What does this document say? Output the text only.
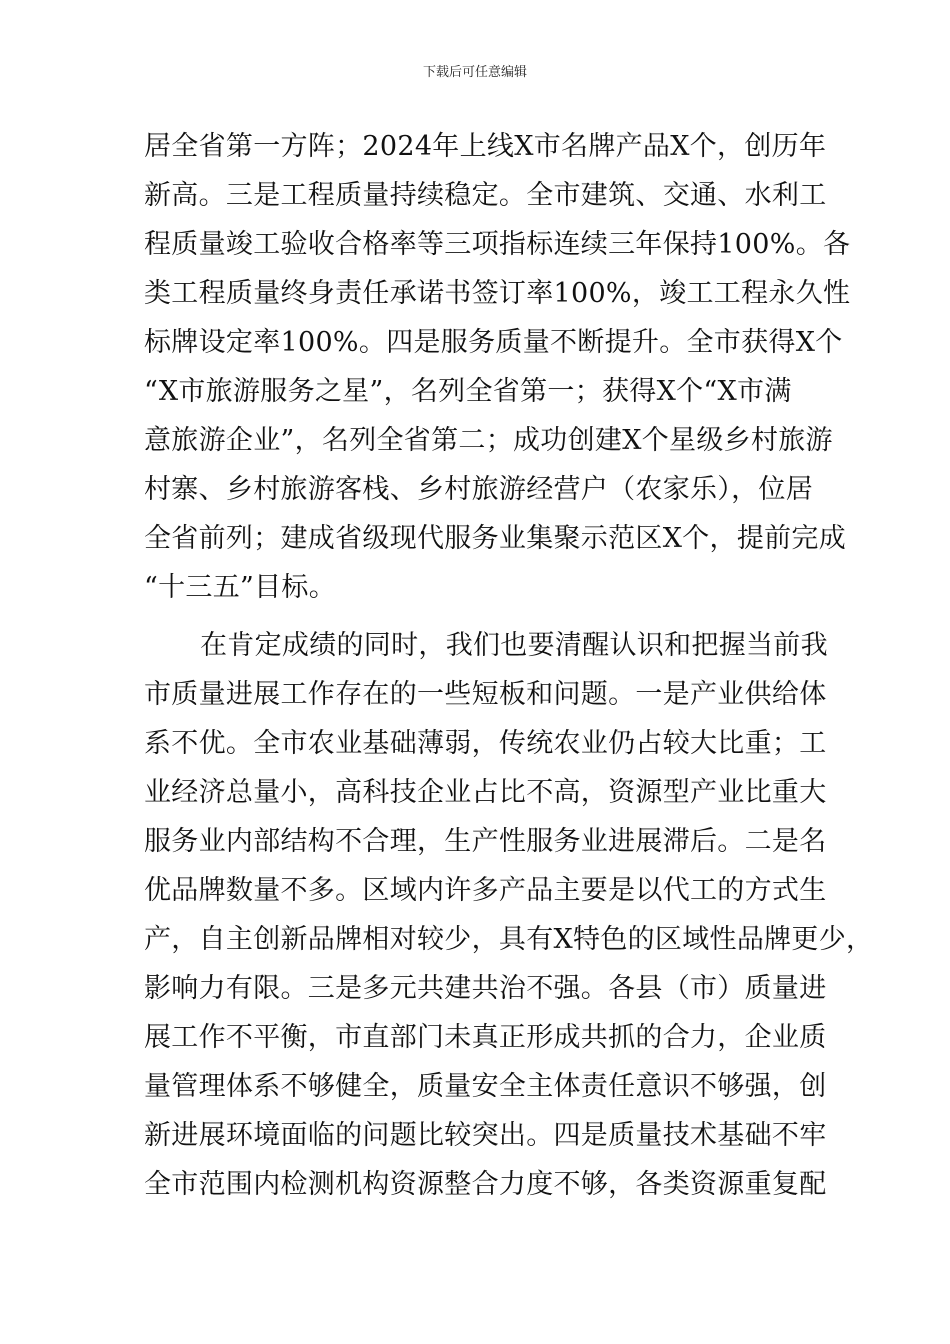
下载后可任意编辑
居全省第一方阵；2024年上线X市名牌产品X个，创历年
新高。三是工程质量持续稳定。全市建筑、交通、水利工
程质量竣工验收合格率等三项指标连续三年保持100%。各
类工程质量终身责任承诺书签订率100%，竣工工程永久性
标牌设定率100%。四是服务质量不断提升。全市获得X个
“X市旅游服务之星”，名列全省第一；获得X个“X市满
意旅游企业”，名列全省第二；成功创建X个星级乡村旅游
村寨、乡村旅游客栈、乡村旅游经营户（农家乐），位居
全省前列；建成省级现代服务业集聚示范区X个，提前完成
“十三五”目标。
在肯定成绩的同时，我们也要清醒认识和把握当前我
市质量进展工作存在的一些短板和问题。一是产业供给体
系不优。全市农业基础薄弱，传统农业仍占较大比重；工
业经济总量小，高科技企业占比不高，资源型产业比重大
服务业内部结构不合理，生产性服务业进展滞后。二是名
优品牌数量不多。区域内许多产品主要是以代工的方式生
产，自主创新品牌相对较少，具有X特色的区域性品牌更少，
影响力有限。三是多元共建共治不强。各县（市）质量进
展工作不平衡，市直部门未真正形成共抓的合力，企业质
量管理体系不够健全，质量安全主体责任意识不够强，创
新进展环境面临的问题比较突出。四是质量技术基础不牢
全市范围内检测机构资源整合力度不够，各类资源重复配
